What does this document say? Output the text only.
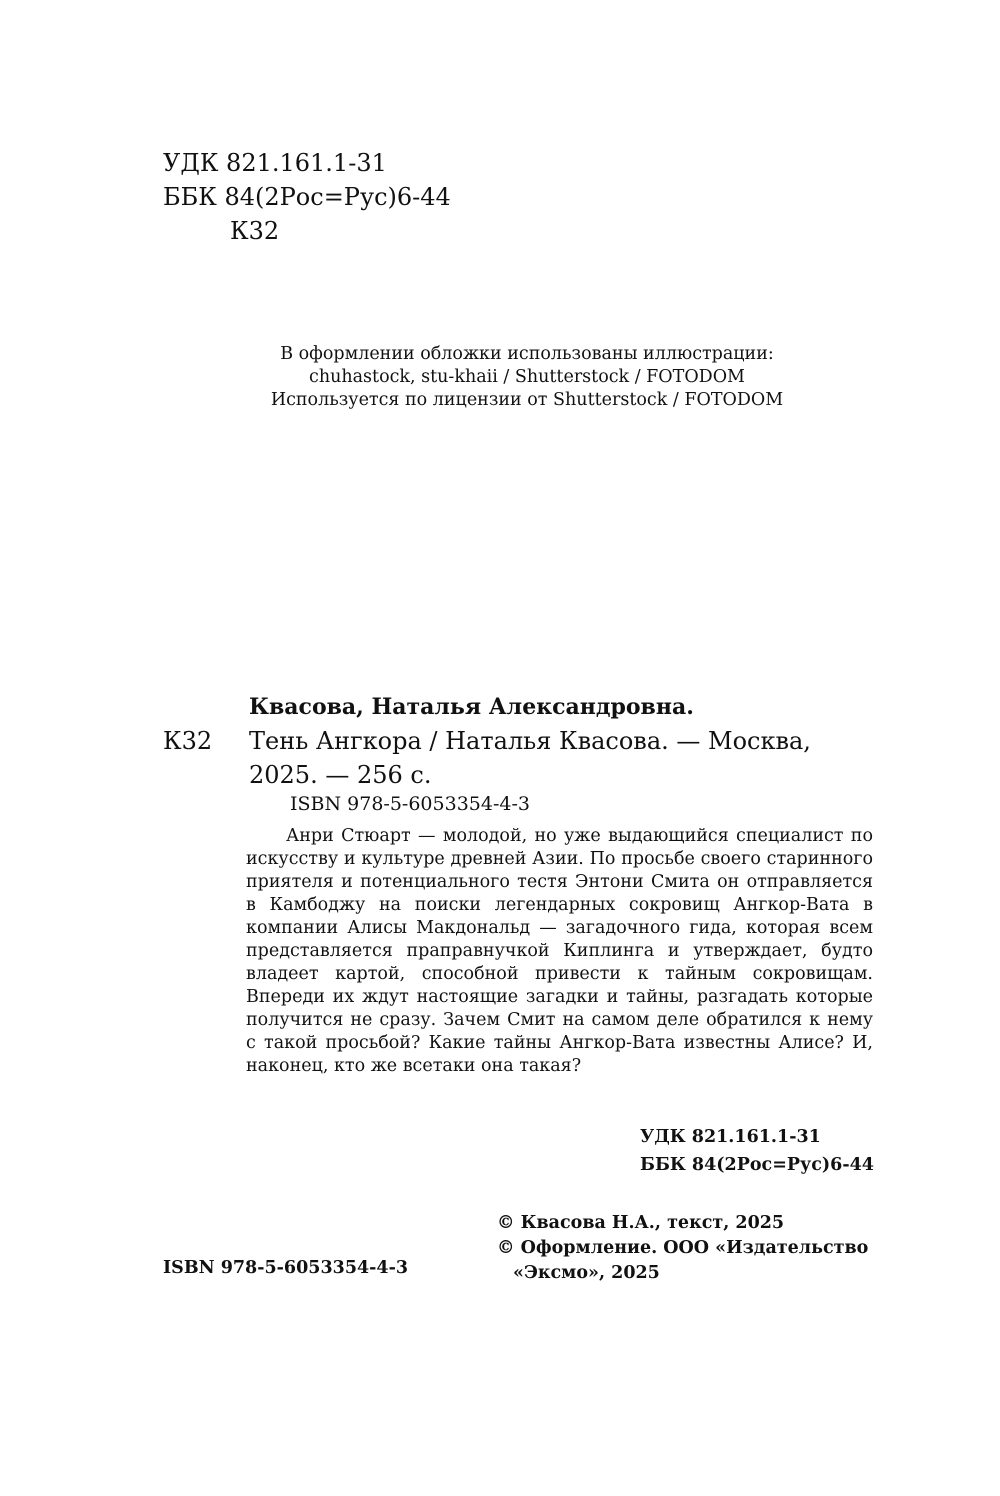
УДК 821.161.1-31
ББК 84(2Рос=Рус)6-44
К32
В оформлении обложки использованы иллюстрации:
chuhastock, stu-khaii / Shutterstock / FOTODOM
Используется по лицензии от Shutterstock / FOTODOM
Квасова, Наталья Александровна.
К32	Тень Ангкора / Наталья Квасова. — Москва,
2025. — 256 с.
ISBN 978-5-6053354-4-3

Анри Стюарт — молодой, но уже выдающийся специалист по искусству и культуре древней Азии. По просьбе своего старинного приятеля и потенциального тестя Энтони Смита он отправляется в Камбоджу на поиски легендарных сокровищ Ангкор-Вата в компании Алисы Макдональд — загадочного гида, которая всем представляется праправнучкой Киплинга и утверждает, будто владеет картой, способной привести к тайным сокровищам. Впереди их ждут настоящие загадки и тайны, разгадать которые получится не сразу. Зачем Смит на самом деле обратился к нему с такой просьбой? Какие тайны Ангкор-Вата известны Алисе? И, наконец, кто же всетаки она такая?

УДК 821.161.1-31
ББК 84(2Рос=Рус)6-44
© Квасова Н.А., текст, 2025
© Оформление. ООО «Издательство
«Эксмо», 2025
ISBN 978-5-6053354-4-3
